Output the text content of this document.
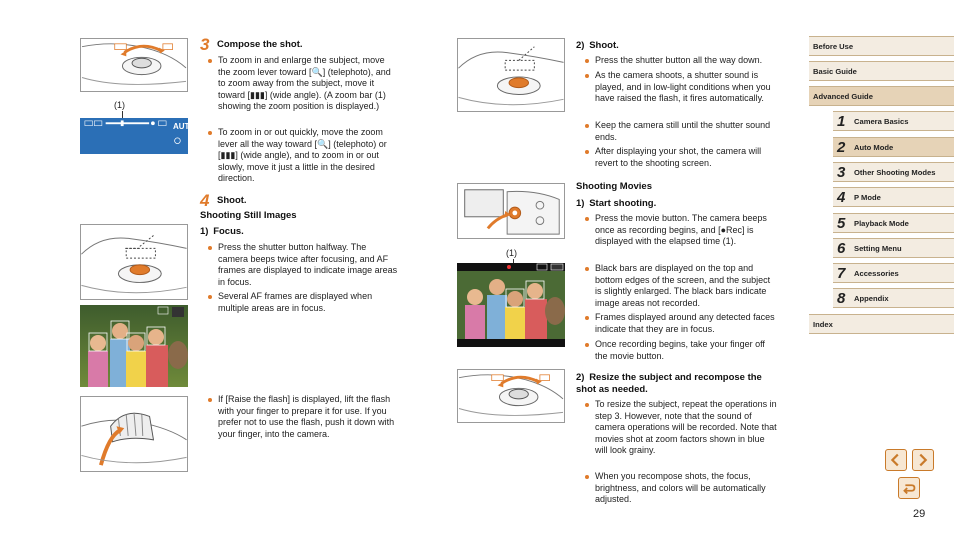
(1)
AUTO
3 Compose the shot.
To zoom in and enlarge the subject, move the zoom lever toward [🔍] (telephoto), and to zoom away from the subject, move it toward [▮▮▮] (wide angle). (A zoom bar (1) showing the zoom position is displayed.)
To zoom in or out quickly, move the zoom lever all the way toward [🔍] (telephoto) or [▮▮▮] (wide angle), and to zoom in or out slowly, move it just a little in the desired direction.
4 Shoot.
Shooting Still Images
1) Focus.
Press the shutter button halfway. The camera beeps twice after focusing, and AF frames are displayed to indicate image areas in focus.
Several AF frames are displayed when multiple areas are in focus.
If [Raise the flash] is displayed, lift the flash with your finger to prepare it for use. If you prefer not to use the flash, push it down with your finger, into the camera.
2) Shoot.
Press the shutter button all the way down.
As the camera shoots, a shutter sound is played, and in low-light conditions when you have raised the flash, it fires automatically.
Keep the camera still until the shutter sound ends.
After displaying your shot, the camera will revert to the shooting screen.
(1)
Shooting Movies
1) Start shooting.
Press the movie button. The camera beeps once as recording begins, and [●Rec] is displayed with the elapsed time (1).
Black bars are displayed on the top and bottom edges of the screen, and the subject is slightly enlarged. The black bars indicate image areas not recorded.
Frames displayed around any detected faces indicate that they are in focus.
Once recording begins, take your finger off the movie button.
2) Resize the subject and recompose the shot as needed.
To resize the subject, repeat the operations in step 3. However, note that the sound of camera operations will be recorded. Note that movies shot at zoom factors shown in blue will look grainy.
When you recompose shots, the focus, brightness, and colors will be automatically adjusted.
Before Use
Basic Guide
Advanced Guide
1 Camera Basics
2 Auto Mode
3 Other Shooting Modes
4 P Mode
5 Playback Mode
6 Setting Menu
7 Accessories
8 Appendix
Index
29
